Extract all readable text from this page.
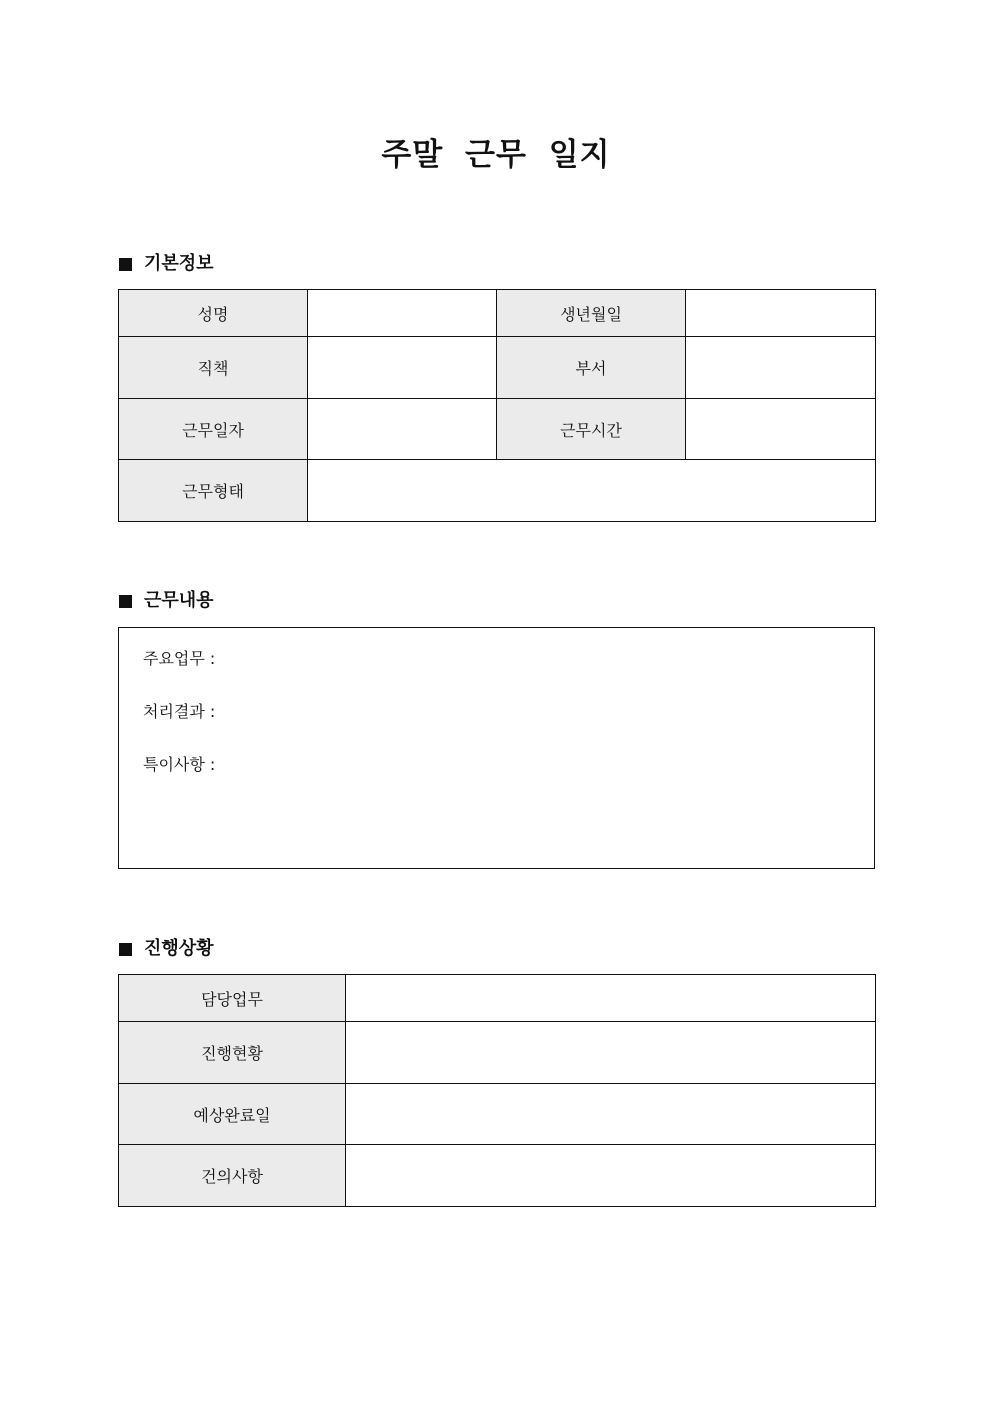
주말 근무 일지
기본정보
성명		생년월일	
직책		부서	
근무일자		근무시간	
근무형태			
근무내용
주요업무 :
처리결과 :
특이사항 :
진행상황
담당업무	
진행현황	
예상완료일	
건의사항	
